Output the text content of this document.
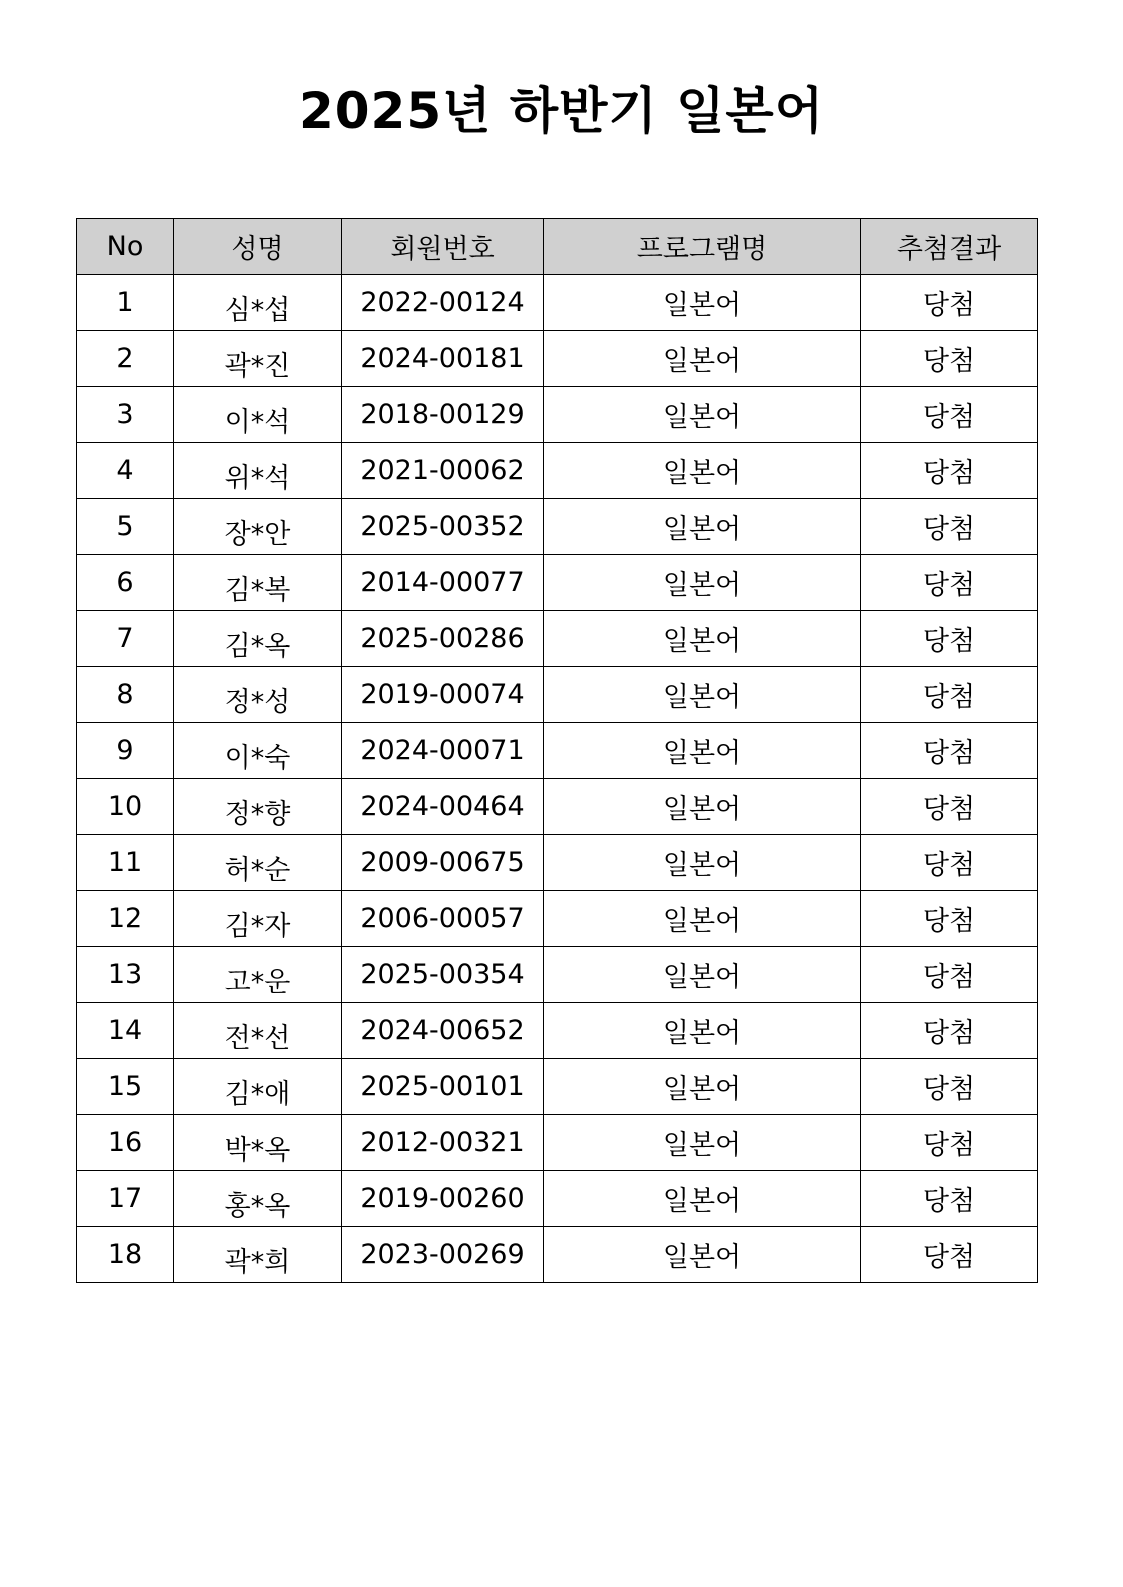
2025년 하반기 일본어
No	성명	회원번호	프로그램명	추첨결과
1	심*섭	2022-00124	일본어	당첨
2	곽*진	2024-00181	일본어	당첨
3	이*석	2018-00129	일본어	당첨
4	위*석	2021-00062	일본어	당첨
5	장*안	2025-00352	일본어	당첨
6	김*복	2014-00077	일본어	당첨
7	김*옥	2025-00286	일본어	당첨
8	정*성	2019-00074	일본어	당첨
9	이*숙	2024-00071	일본어	당첨
10	정*향	2024-00464	일본어	당첨
11	허*순	2009-00675	일본어	당첨
12	김*자	2006-00057	일본어	당첨
13	고*운	2025-00354	일본어	당첨
14	전*선	2024-00652	일본어	당첨
15	김*애	2025-00101	일본어	당첨
16	박*옥	2012-00321	일본어	당첨
17	홍*옥	2019-00260	일본어	당첨
18	곽*희	2023-00269	일본어	당첨
